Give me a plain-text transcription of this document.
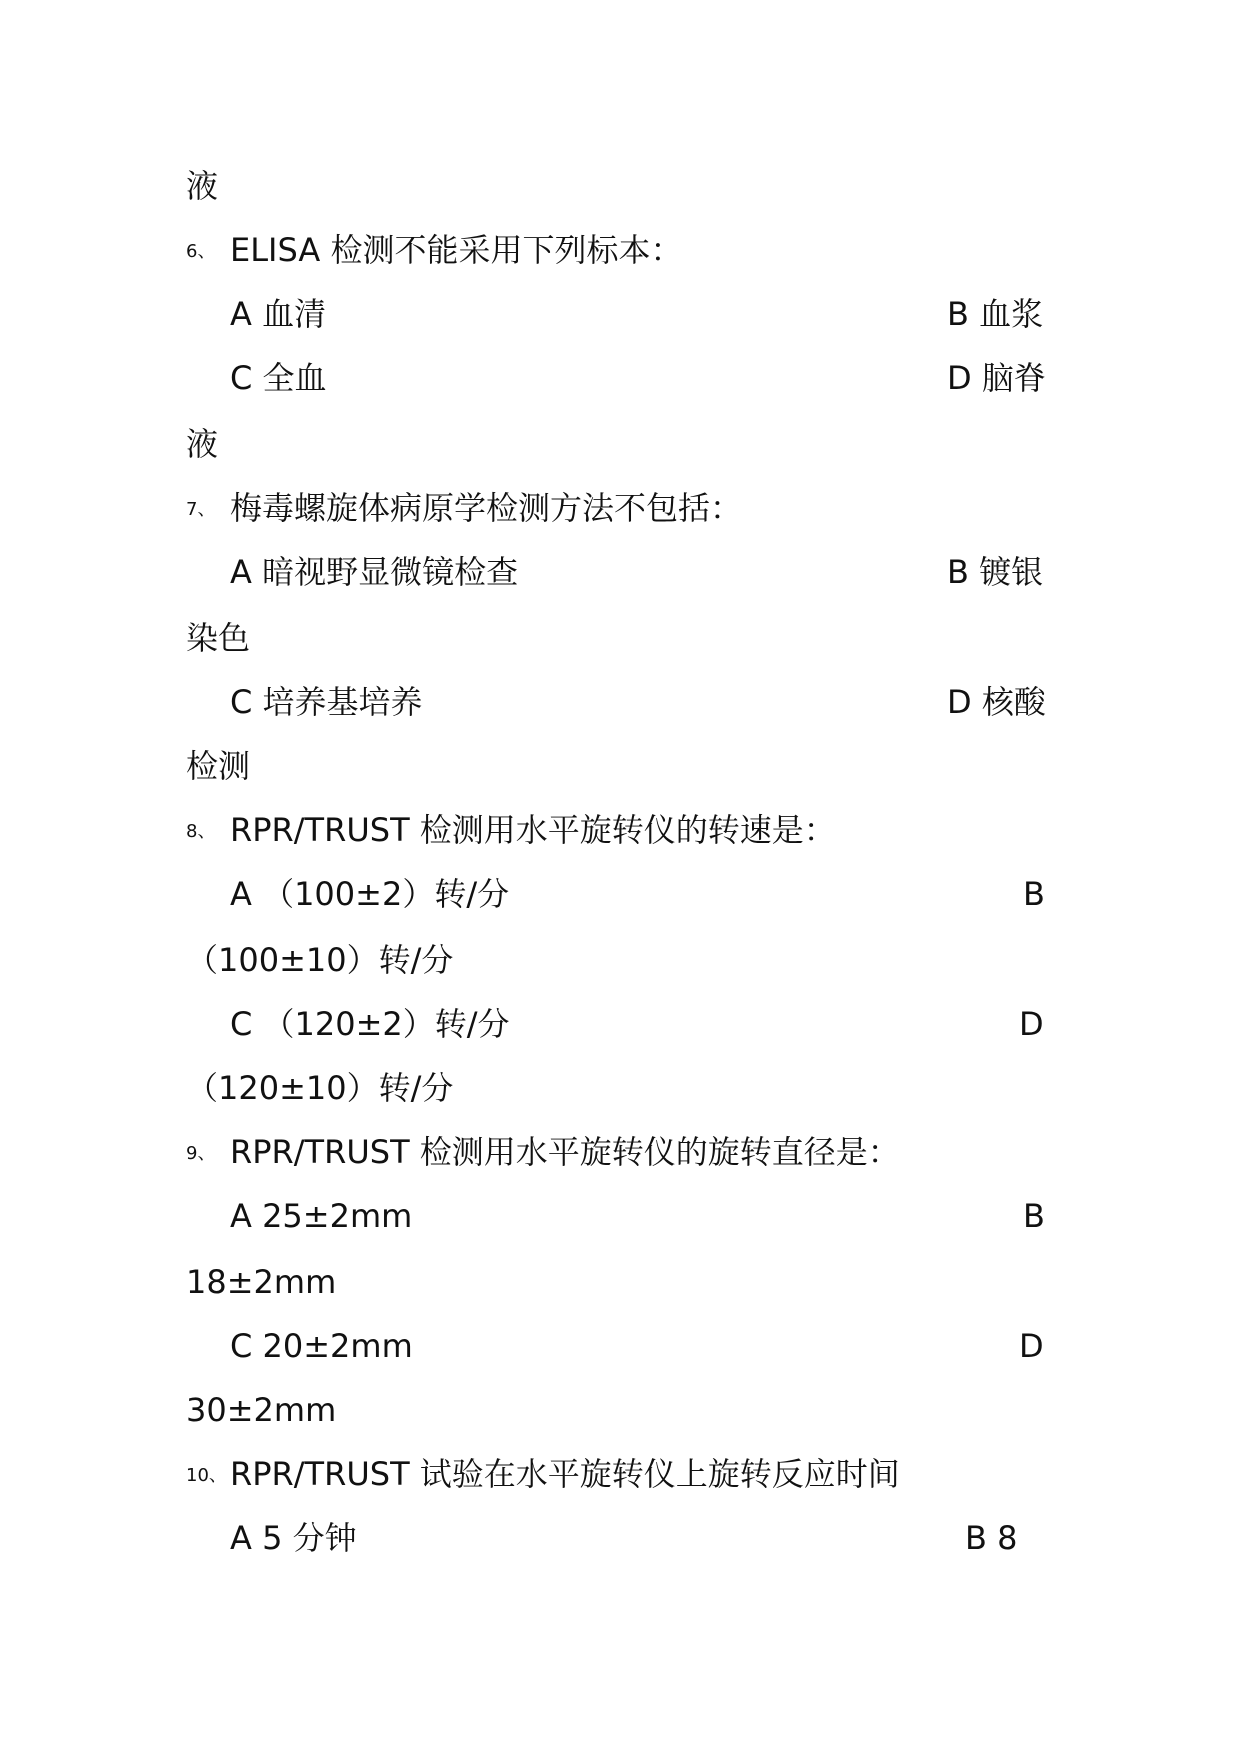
液
6、 ELISA 检测不能采用下列标本：
A 血清	B 血浆
C 全血	D 脑脊
液
7、 梅毒螺旋体病原学检测方法不包括：
A 暗视野显微镜检查	B 镀银
染色
C 培养基培养	D 核酸
检测
8、 RPR/TRUST 检测用水平旋转仪的转速是：
A （100±2）转/分	B
（100±10）转/分
C （120±2）转/分	D
（120±10）转/分
9、 RPR/TRUST 检测用水平旋转仪的旋转直径是：
A 25±2mm	B
18±2mm
C 20±2mm	D
30±2mm
10、 RPR/TRUST 试验在水平旋转仪上旋转反应时间
A 5 分钟	B 8
